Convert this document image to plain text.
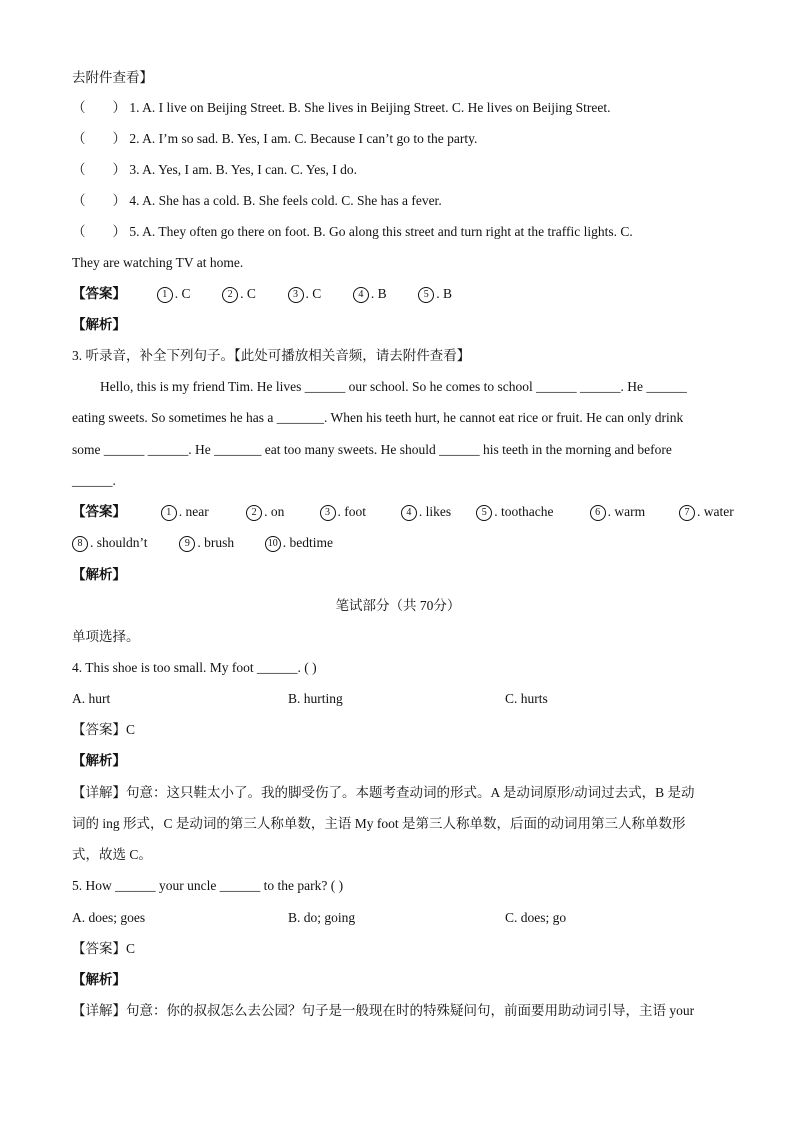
去附件查看】
（　　） 1. A. I live on Beijing Street. B. She lives in Beijing Street. C. He lives on Beijing Street.
（　　） 2. A. I’m so sad. B. Yes, I am. C. Because I can’t go to the party.
（　　） 3. A. Yes, I am. B. Yes, I can. C. Yes, I do.
（　　） 4. A. She has a cold. B. She feels cold. C. She has a fever.
（　　） 5. A. They often go there on foot. B. Go along this street and turn right at the traffic lights. C.
They are watching TV at home.
【答案】	1 . C	2 . C	3 . C	4 . B	5 . B
【解析】
3. 听录音，补全下列句子。【此处可播放相关音频，请去附件查看】
Hello, this is my friend Tim. He lives ______ our school. So he comes to school ______ ______. He ______
eating sweets. So sometimes he has a _______. When his teeth hurt, he cannot eat rice or fruit. He can only drink
some ______ ______. He _______ eat too many sweets. He should ______ his teeth in the morning and before
______.
【答案】	1 . near	2 . on	3 . foot	4 . likes	5 . toothache	6 . warm	7 . water
8 . shouldn’t	9 . brush	10 . bedtime
【解析】
笔试部分（共 70分）
单项选择。
4. This shoe is too small. My foot ______. ( )
A. hurt	B. hurting	C. hurts
【答案】C
【解析】
【详解】句意：这只鞋太小了。我的脚受伤了。本题考查动词的形式。A 是动词原形/动词过去式，B 是动
词的 ing 形式，C 是动词的第三人称单数，主语 My foot 是第三人称单数，后面的动词用第三人称单数形
式，故选 C。
5. How ______ your uncle ______ to the park? ( )
A. does; goes	B. do; going	C. does; go
【答案】C
【解析】
【详解】句意：你的叔叔怎么去公园？句子是一般现在时的特殊疑问句，前面要用助动词引导，主语 your
